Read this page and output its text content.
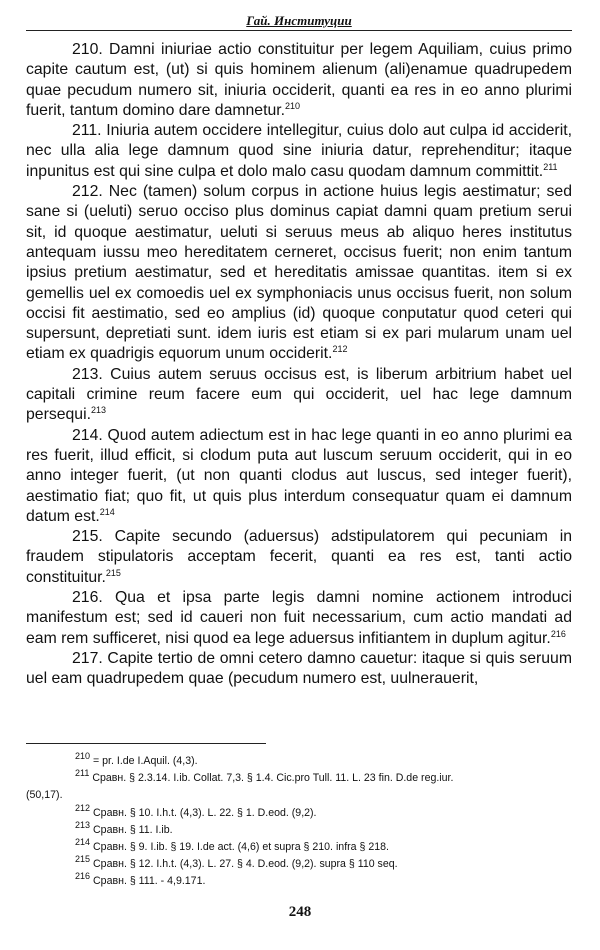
Гай. Институции

210. Damni iniuriae actio constituitur per legem Aquiliam, cuius primo capite cautum est, (ut) si quis hominem alienum (ali)enamue quadrupedem quae pecudum numero sit, iniuria occiderit, quanti ea res in eo anno plurimi fuerit, tantum domino dare damnetur.$^{210}$

211. Iniuria autem occidere intellegitur, cuius dolo aut culpa id acciderit, nec ulla alia lege damnum quod sine iniuria datur, reprehenditur; itaque inpunitus est qui sine culpa et dolo malo casu quodam damnum committit.$^{211}$

212. Nec (tamen) solum corpus in actione huius legis aestimatur; sed sane si (ueluti) seruo occiso plus dominus capiat damni quam pretium serui sit, id quoque aestimatur, ueluti si seruus meus ab aliquo heres institutus antequam iussu meo hereditatem cerneret, occisus fuerit; non enim tantum ipsius pretium aestimatur, sed et hereditatis amissae quantitas. item si ex gemellis uel ex comoedis uel ex symphoniacis unus occisus fuerit, non solum occisi fit aestimatio, sed eo amplius (id) quoque conputatur quod ceteri qui supersunt, depretiati sunt. idem iuris est etiam si ex pari mularum unam uel etiam ex quadrigis equorum unum occiderit.$^{212}$

213. Cuius autem seruus occisus est, is liberum arbitrium habet uel capitali crimine reum facere eum qui occiderit, uel hac lege damnum persequi.$^{213}$

214. Quod autem adiectum est in hac lege quanti in eo anno plurimi ea res fuerit, illud efficit, si clodum puta aut luscum seruum occiderit, qui in eo anno integer fuerit, (ut non quanti clodus aut luscus, sed integer fuerit), aestimatio fiat; quo fit, ut quis plus interdum consequatur quam ei damnum datum est.$^{214}$

215. Capite secundo (aduersus) adstipulatorem qui pecuniam in fraudem stipulatoris acceptam fecerit, quanti ea res est, tanti actio constituitur.$^{215}$

216. Qua et ipsa parte legis damni nomine actionem introduci manifestum est; sed id caueri non fuit necessarium, cum actio mandati ad eam rem sufficeret, nisi quod ea lege aduersus infitiantem in duplum agitur.$^{216}$

217. Capite tertio de omni cetero damno cauetur: itaque si quis seruum uel eam quadrupedem quae (pecudum numero est, uulnerauerit,

$^{210}$ = pr. I.de I.Aquil. (4,3).

$^{211}$ Сравн. § 2.3.14. I.ib. Collat. 7,3. § 1.4. Cic.pro Tull. 11. L. 23 fin. D.de reg.iur.

(50,17).

$^{212}$ Сравн. § 10. I.h.t. (4,3). L. 22. § 1. D.eod. (9,2).

$^{213}$ Сравн. § 11. I.ib.

$^{214}$ Сравн. § 9. I.ib. § 19. I.de act. (4,6) et supra § 210. infra § 218.

$^{215}$ Сравн. § 12. I.h.t. (4,3). L. 27. § 4. D.eod. (9,2). supra § 110 seq.

$^{216}$ Сравн. § 111. - 4,9.171.

248
